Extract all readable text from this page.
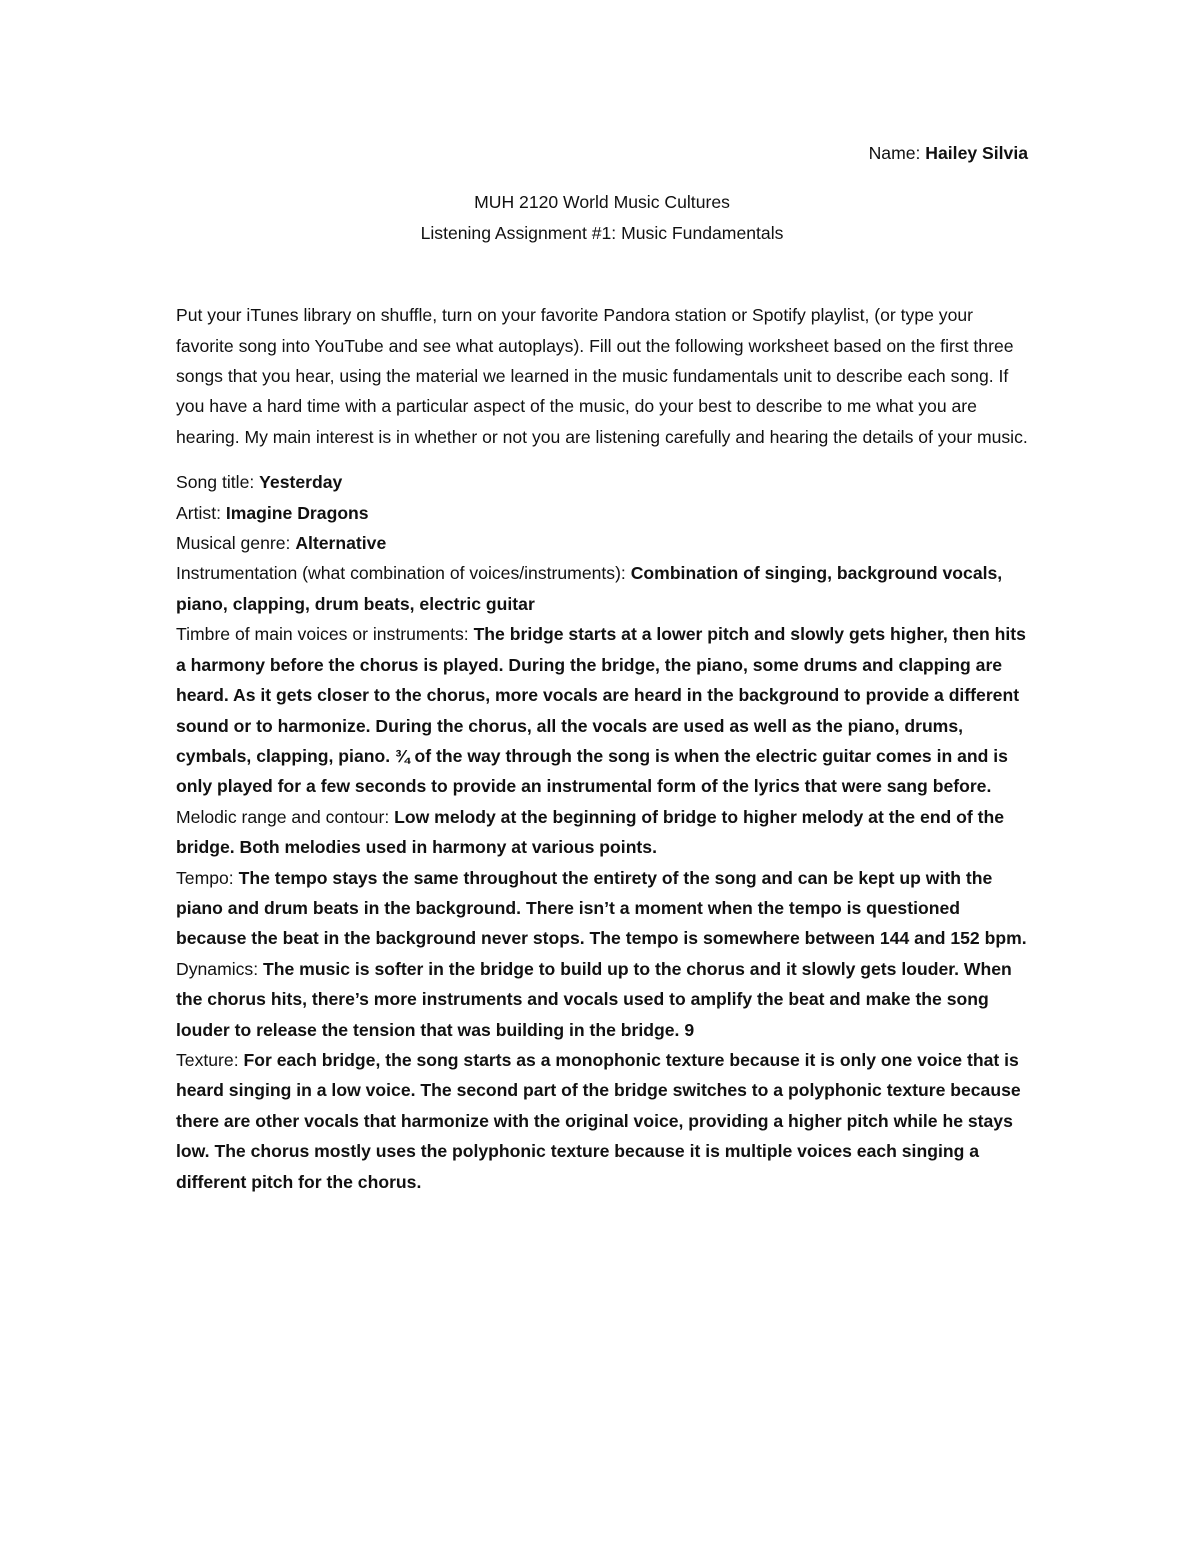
Name: Hailey Silvia

MUH 2120 World Music Cultures

Listening Assignment #1: Music Fundamentals

Put your iTunes library on shuffle, turn on your favorite Pandora station or Spotify playlist, (or type your favorite song into YouTube and see what autoplays). Fill out the following worksheet based on the first three songs that you hear, using the material we learned in the music fundamentals unit to describe each song. If you have a hard time with a particular aspect of the music, do your best to describe to me what you are hearing. My main interest is in whether or not you are listening carefully and hearing the details of your music.

Song title: Yesterday

Artist: Imagine Dragons

Musical genre: Alternative

Instrumentation (what combination of voices/instruments): Combination of singing, background vocals, piano, clapping, drum beats, electric guitar

Timbre of main voices or instruments: The bridge starts at a lower pitch and slowly gets higher, then hits a harmony before the chorus is played. During the bridge, the piano, some drums and clapping are heard. As it gets closer to the chorus, more vocals are heard in the background to provide a different sound or to harmonize. During the chorus, all the vocals are used as well as the piano, drums, cymbals, clapping, piano. ¾ of the way through the song is when the electric guitar comes in and is only played for a few seconds to provide an instrumental form of the lyrics that were sang before.

Melodic range and contour: Low melody at the beginning of bridge to higher melody at the end of the bridge. Both melodies used in harmony at various points.

Tempo: The tempo stays the same throughout the entirety of the song and can be kept up with the piano and drum beats in the background. There isn’t a moment when the tempo is questioned because the beat in the background never stops. The tempo is somewhere between 144 and 152 bpm.

Dynamics: The music is softer in the bridge to build up to the chorus and it slowly gets louder. When the chorus hits, there’s more instruments and vocals used to amplify the beat and make the song louder to release the tension that was building in the bridge. 9

Texture: For each bridge, the song starts as a monophonic texture because it is only one voice that is heard singing in a low voice. The second part of the bridge switches to a polyphonic texture because there are other vocals that harmonize with the original voice, providing a higher pitch while he stays low. The chorus mostly uses the polyphonic texture because it is multiple voices each singing a different pitch for the chorus.
